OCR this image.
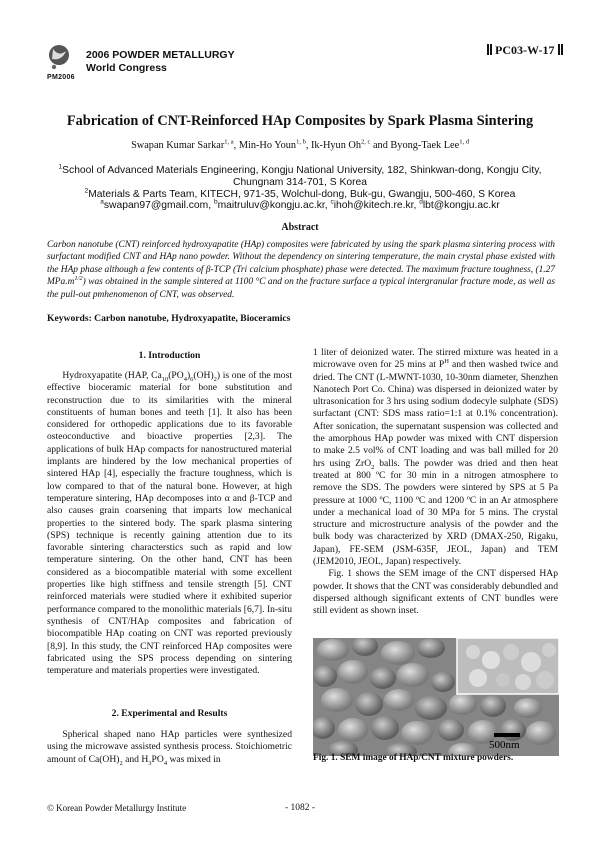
PM2006
2006 POWDER METALLURGY
World Congress
PC03-W-17
Fabrication of CNT-Reinforced HAp Composites by Spark Plasma Sintering
Swapan Kumar Sarkar$^{1, a}$, Min-Ho Youn$^{1, b}$, Ik-Hyun Oh$^{2, c}$ and Byong-Taek Lee$^{1, d}$
$^1$School of Advanced Materials Engineering, Kongju National University, 182, Shinkwan-dong, Kongju City, Chungnam 314-701, S Korea
$^2$Materials & Parts Team, KITECH, 971-35, Wolchul-dong, Buk-gu, Gwangju, 500-460, S Korea
$^a$swapan97@gmail.com, $^b$maitruluv@kongju.ac.kr, $^c$ihoh@kitech.re.kr, $^d$lbt@kongju.ac.kr
Abstract
Carbon nanotube (CNT) reinforced hydroxyapatite (HAp) composites were fabricated by using the spark plasma sintering process with surfactant modified CNT and HAp nano powder. Without the dependency on sintering temperature, the main crystal phase existed with the HAp phase although a few contents of β-TCP (Tri calcium phosphate) phase were detected. The maximum fracture toughness, (1.27 $MPa.m^{1/2}$) was obtained in the sample sintered at 1100 °C and on the fracture surface a typical intergranular fracture mode, as well as the pull-out pmhenomenon of CNT, was observed.
Keywords: Carbon nanotube, Hydroxyapatite, Bioceramics
1. Introduction

Hydroxyapatite (HAP, $Ca_{10}(PO_4)_6(OH)_2$) is one of the most effective bioceramic material for bone substitution and reconstruction due to its similarities with the mineral constituents of human bones and teeth [1]. It also has been considered for orthopedic applications due to its favorable osteoconductive and bioactive properties [2,3]. The applications of bulk HAp compacts for nanostructured material implants are hindered by the low mechanical properties of sintered HAp [4], especially the fracture toughness, which is low compared to that of the natural bone. However, at high temperature sintering, HAp decomposes into α and β-TCP and also causes grain coarsening that imparts low mechanical properties to the sintered body. The spark plasma sintering (SPS) technique is recently gaining attention due to its favorable sintering characterstics such as rapid and low temperature sintering. On the other hand, CNT has been considered as a biocompatible material with some excellent properties like high stiffness and tensile strength [5]. CNT reinforced materials were studied where it exhibited superior performance compared to the monolithic materials [6,7]. In-situ synthesis of CNT/HAp composites and fabrication of biocompatible HAp coating on CNT was reported previously [8,9]. In this study, the CNT reinforced HAp composites were fabricated using the SPS process depending on sintering temperature and materials properties were investigated.

2. Experimental and Results

Spherical shaped nano HAp particles were synthesized using the microwave assisted synthesis process. Stoichiometric amount of $Ca(OH)_2$ and $H_3PO_4$ was mixed in

1 liter of deionized water. The stirred mixture was heated in a microwave oven for 25 mins at $P^H$ and then washed twice and dried. The CNT (L-MWNT-1030, 10-30nm diameter, Shenzhen Nanotech Port Co. China) was dispersed in deionized water by ultrasonication for 3 hrs using sodium dodecyle sulphate (SDS) surfactant (CNT: SDS mass ratio=1:1 at 0.1% concentration). After sonication, the supernatant suspension was collected and the amorphous HAp powder was mixed with CNT dispersion to make 2.5 vol% of CNT loading and was ball milled for 20 hrs using ZrO$_2$ balls. The powder was dried and then heat treated at 800 ºC for 30 min in a nitrogen atmosphere to remove the SDS. The powders were sintered by SPS at 5 Pa pressure at 1000 ºC, 1100 ºC and 1200 ºC in an Ar atmosphere under a mechanical load of 30 MPa for 5 mins. The crystal structure and microstructure analysis of the powder and the bulk body was characterized by XRD (DMAX-250, Rigaku, Japan), FE-SEM (JSM-635F, JEOL, Japan) and TEM (JEM2010, JEOL, Japan) respectively.

Fig. 1 shows the SEM image of the CNT dispersed HAp powder. It shows that the CNT was considerably debundled and dispersed although significant extents of CNT bundles were still evident as shown inset.

500nm
Fig. 1. SEM image of HAp/CNT mixture powders.
- 1082 -
© Korean Powder Metallurgy Institute
